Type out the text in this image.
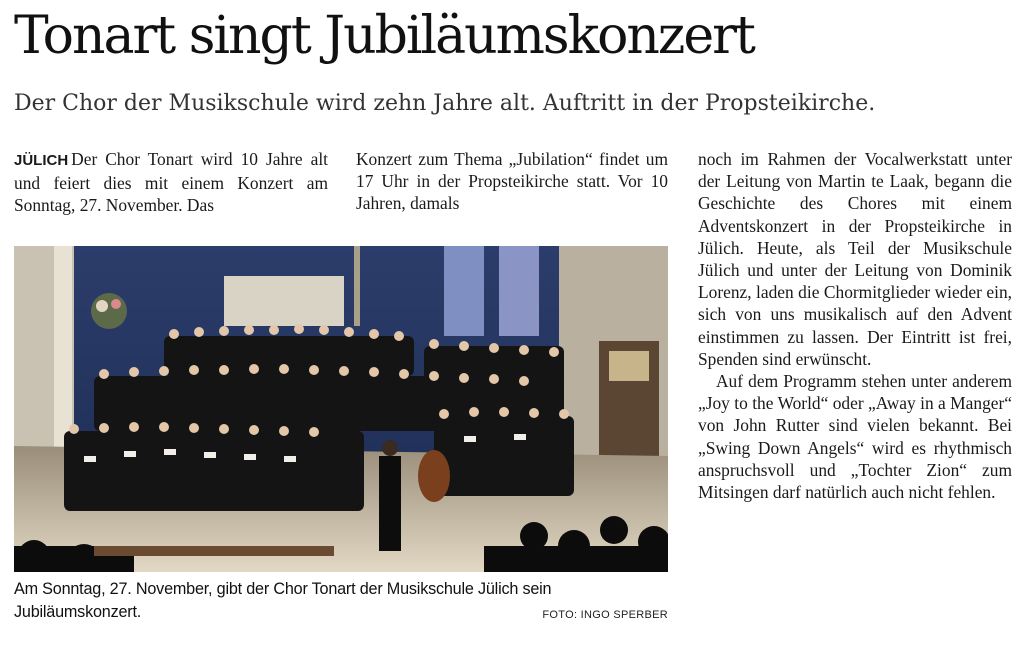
Tonart singt Jubiläumskonzert
Der Chor der Musikschule wird zehn Jahre alt. Auftritt in der Propsteikirche.

JÜLICH Der Chor Tonart wird 10 Jahre alt und feiert dies mit einem Konzert am Sonntag, 27. November. Das

Konzert zum Thema „Jubilation“ findet um 17 Uhr in der Propsteikirche statt. Vor 10 Jahren, damals

noch im Rahmen der Vocalwerkstatt unter der Leitung von Martin te Laak, begann die Geschichte des Chores mit einem Adventskonzert in der Propsteikirche in Jülich. Heute, als Teil der Musikschule Jülich und unter der Leitung von Dominik Lorenz, laden die Chormitglieder wieder ein, sich von uns musikalisch auf den Advent einstimmen zu lassen. Der Eintritt ist frei, Spenden sind erwünscht.

Auf dem Programm stehen unter anderem „Joy to the World“ oder „Away in a Manger“ von John Rutter sind vielen bekannt. Bei „Swing Down Angels“ wird es rhythmisch anspruchsvoll und „Tochter Zion“ zum Mitsingen darf natürlich auch nicht fehlen.

Am Sonntag, 27. November, gibt der Chor Tonart der Musikschule Jülich sein Jubiläumskonzert.	FOTO: INGO SPERBER
